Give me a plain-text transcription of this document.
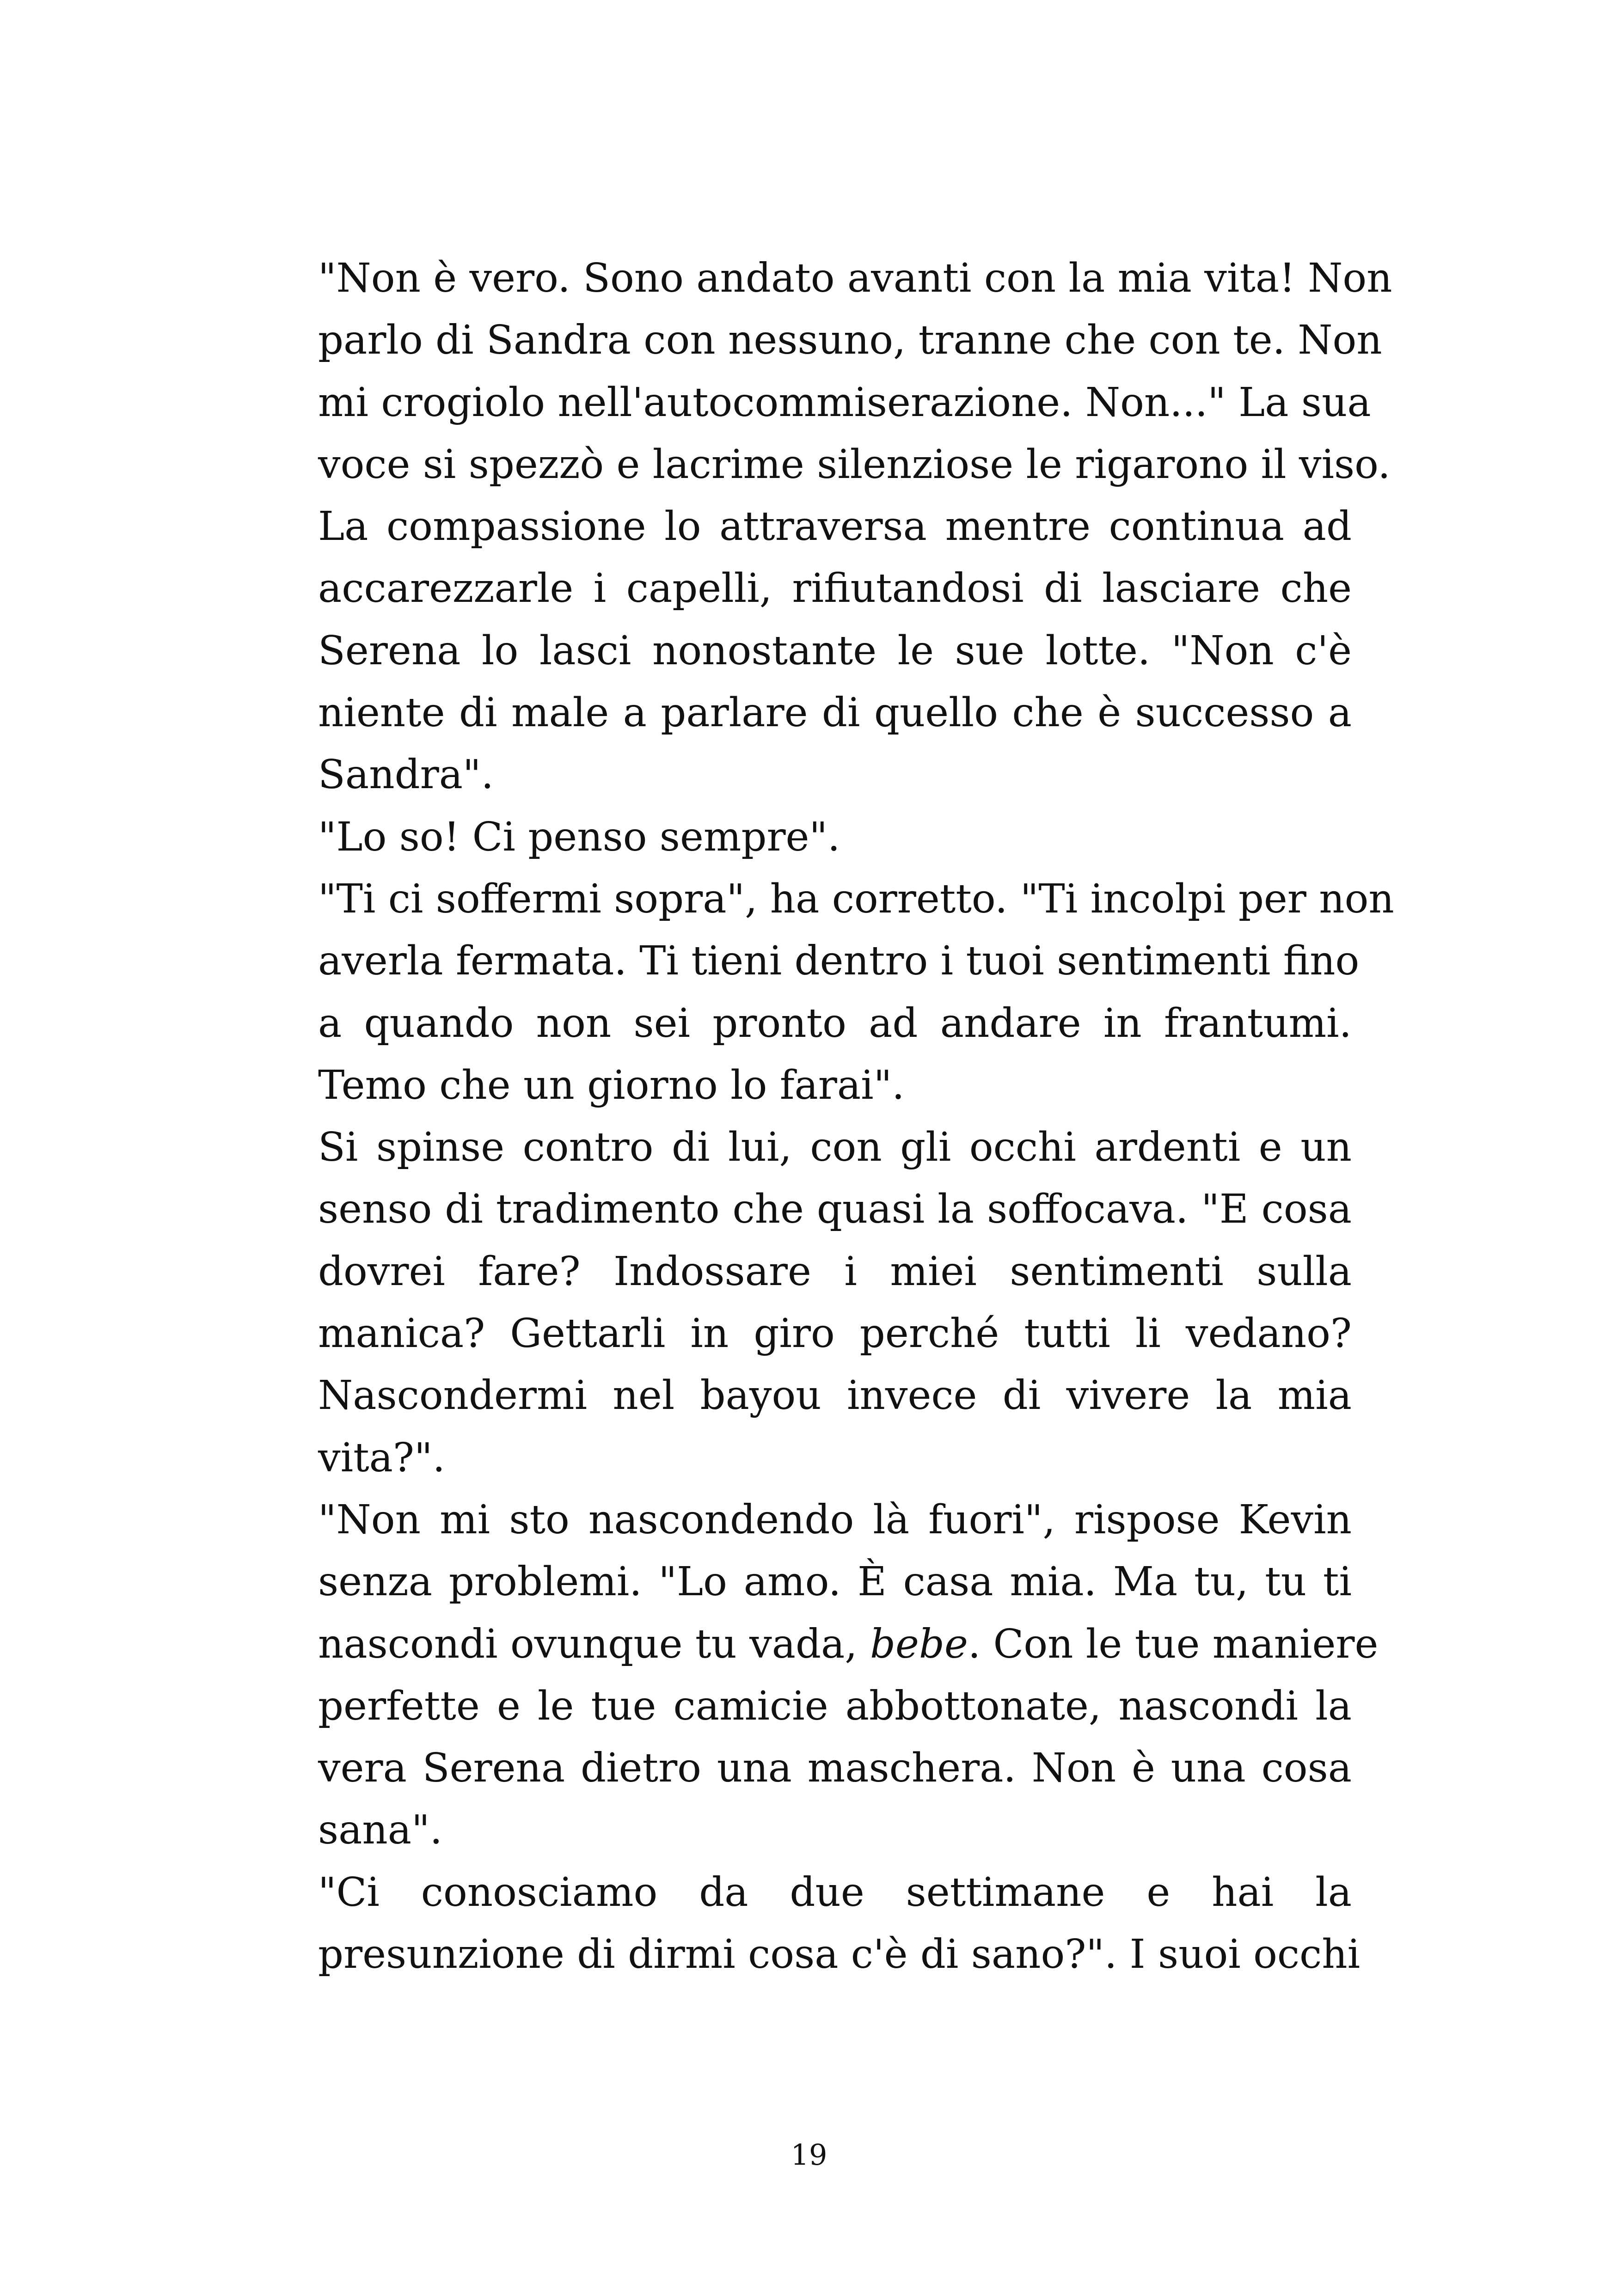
"Non è vero. Sono andato avanti con la mia vita! Non
parlo di Sandra con nessuno, tranne che con te. Non
mi crogiolo nell'autocommiserazione. Non..." La sua
voce si spezzò e lacrime silenziose le rigarono il viso.
La compassione lo attraversa mentre continua ad
accarezzarle i capelli, rifiutandosi di lasciare che
Serena lo lasci nonostante le sue lotte. "Non c'è
niente di male a parlare di quello che è successo a
Sandra".
"Lo so! Ci penso sempre".
"Ti ci soffermi sopra", ha corretto. "Ti incolpi per non
averla fermata. Ti tieni dentro i tuoi sentimenti fino
a quando non sei pronto ad andare in frantumi.
Temo che un giorno lo farai".
Si spinse contro di lui, con gli occhi ardenti e un
senso di tradimento che quasi la soffocava. "E cosa
dovrei fare? Indossare i miei sentimenti sulla
manica? Gettarli in giro perché tutti li vedano?
Nascondermi nel bayou invece di vivere la mia
vita?".
"Non mi sto nascondendo là fuori", rispose Kevin
senza problemi. "Lo amo. È casa mia. Ma tu, tu ti
nascondi ovunque tu vada, bebe. Con le tue maniere
perfette e le tue camicie abbottonate, nascondi la
vera Serena dietro una maschera. Non è una cosa
sana".
"Ci conosciamo da due settimane e hai la
presunzione di dirmi cosa c'è di sano?". I suoi occhi
19
